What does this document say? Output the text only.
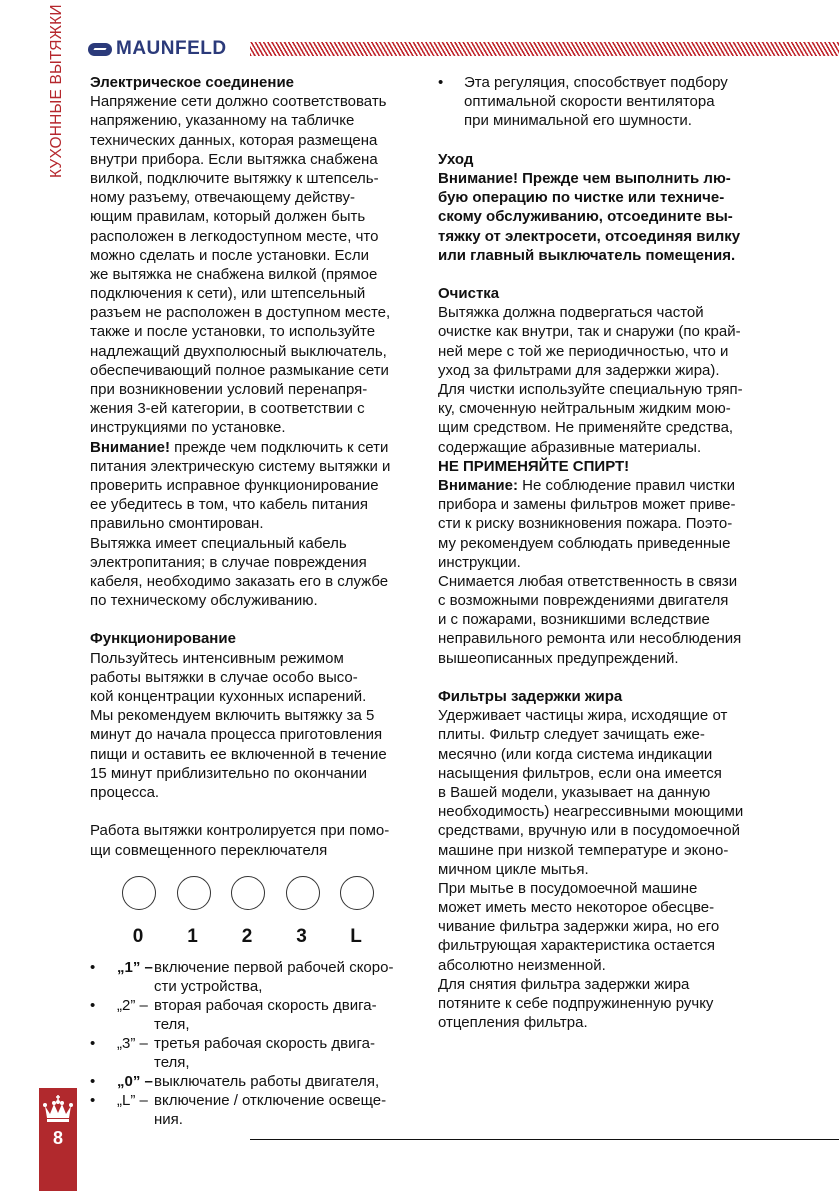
КУХОННЫЕ ВЫТЯЖКИ	MAUNFELD
Электрическое соединение
Напряжение сети должно соответствовать
напряжению, указанному на табличке
технических данных, которая размещена
внутри прибора. Если вытяжка снабжена
вилкой, подключите вытяжку к штепсель-
ному разъему, отвечающему действу-
ющим правилам, который должен быть
расположен в легкодоступном месте, что
можно сделать и после установки. Если
же вытяжка не снабжена вилкой (прямое
подключения к сети), или штепсельный
разъем не расположен в доступном месте,
также и после установки, то используйте
надлежащий двухполюсный выключатель,
обеспечивающий полное размыкание сети
при возникновении условий перенапря-
жения 3-ей категории, в соответствии с
инструкциями по установке.
Внимание! прежде чем подключить к сети
питания электрическую систему вытяжки и
проверить исправное функционирование
ее убедитесь в том, что кабель питания
правильно смонтирован.
Вытяжка имеет специальный кабель
электропитания; в случае повреждения
кабеля, необходимо заказать его в службе
по техническому обслуживанию.
Функционирование
Пользуйтесь интенсивным режимом
работы вытяжки в случае особо высо-
кой концентрации кухонных испарений.
Мы рекомендуем включить вытяжку за 5
минут до начала процесса приготовления
пищи и оставить ее включенной в течение
15 минут приблизительно по окончании
процесса.
Работа вытяжки контролируется при помо-
щи совмещенного переключателя
• Эта регуляция, способствует подбору
оптимальной скорости вентилятора
при минимальной его шумности.
Уход
Внимание! Прежде чем выполнить лю-
бую операцию по чистке или техниче-
скому обслуживанию, отсоедините вы-
тяжку от электросети, отсоединяя вилку
или главный выключатель помещения.
Очистка
Вытяжка должна подвергаться частой
очистке как внутри, так и снаружи (по край-
ней мере с той же периодичностью, что и
уход за фильтрами для задержки жира).
Для чистки используйте специальную тряп-
ку, смоченную нейтральным жидким мою-
щим средством. Не применяйте средства,
содержащие абразивные материалы.
НЕ ПРИМЕНЯЙТЕ СПИРТ!
Внимание: Не соблюдение правил чистки
прибора и замены фильтров может приве-
сти к риску возникновения пожара. Поэто-
му рекомендуем соблюдать приведенные
инструкции.
Снимается любая ответственность в связи
с возможными повреждениями двигателя
и с пожарами, возникшими вследствие
неправильного ремонта или несоблюдения
вышеописанных предупреждений.
Фильтры задержки жира
Удерживает частицы жира, исходящие от
плиты. Фильтр следует зачищать еже-
месячно (или когда система индикации
насыщения фильтров, если она имеется
в Вашей модели, указывает на данную
необходимость) неагрессивными моющими
средствами, вручную или в посудомоечной
машине при низкой температуре и эконо-
мичном цикле мытья.
При мытье в посудомоечной машине
может иметь место некоторое обесцве-
чивание фильтра задержки жира, но его
фильтрующая характеристика остается
абсолютно неизменной.
Для снятия фильтра задержки жира
потяните к себе подпружиненную ручку
отцепления фильтра.
0	1	2	3	L
• „1” – включение первой рабочей скоро-
сти устройства,
• „2” – вторая рабочая скорость двига-
теля,
• „3” – третья рабочая скорость двига-
теля,
• „0” – выключатель работы двигателя,
• „L” – включение / отключение освеще-
ния.
8
